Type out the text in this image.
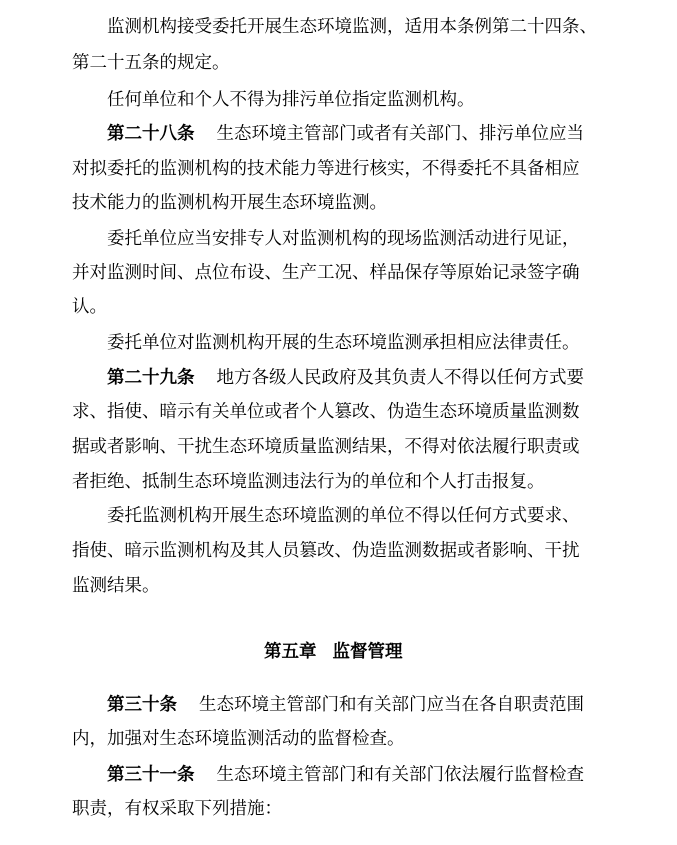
监测机构接受委托开展生态环境监测，适用本条例第二十四条、
第二十五条的规定。
任何单位和个人不得为排污单位指定监测机构。
第二十八条 生态环境主管部门或者有关部门、排污单位应当
对拟委托的监测机构的技术能力等进行核实，不得委托不具备相应
技术能力的监测机构开展生态环境监测。
委托单位应当安排专人对监测机构的现场监测活动进行见证，
并对监测时间、点位布设、生产工况、样品保存等原始记录签字确
认。
委托单位对监测机构开展的生态环境监测承担相应法律责任。
第二十九条 地方各级人民政府及其负责人不得以任何方式要
求、指使、暗示有关单位或者个人篡改、伪造生态环境质量监测数
据或者影响、干扰生态环境质量监测结果，不得对依法履行职责或
者拒绝、抵制生态环境监测违法行为的单位和个人打击报复。
委托监测机构开展生态环境监测的单位不得以任何方式要求、
指使、暗示监测机构及其人员篡改、伪造监测数据或者影响、干扰
监测结果。
第五章 监督管理
第三十条 生态环境主管部门和有关部门应当在各自职责范围
内，加强对生态环境监测活动的监督检查。
第三十一条 生态环境主管部门和有关部门依法履行监督检查
职责，有权采取下列措施：
